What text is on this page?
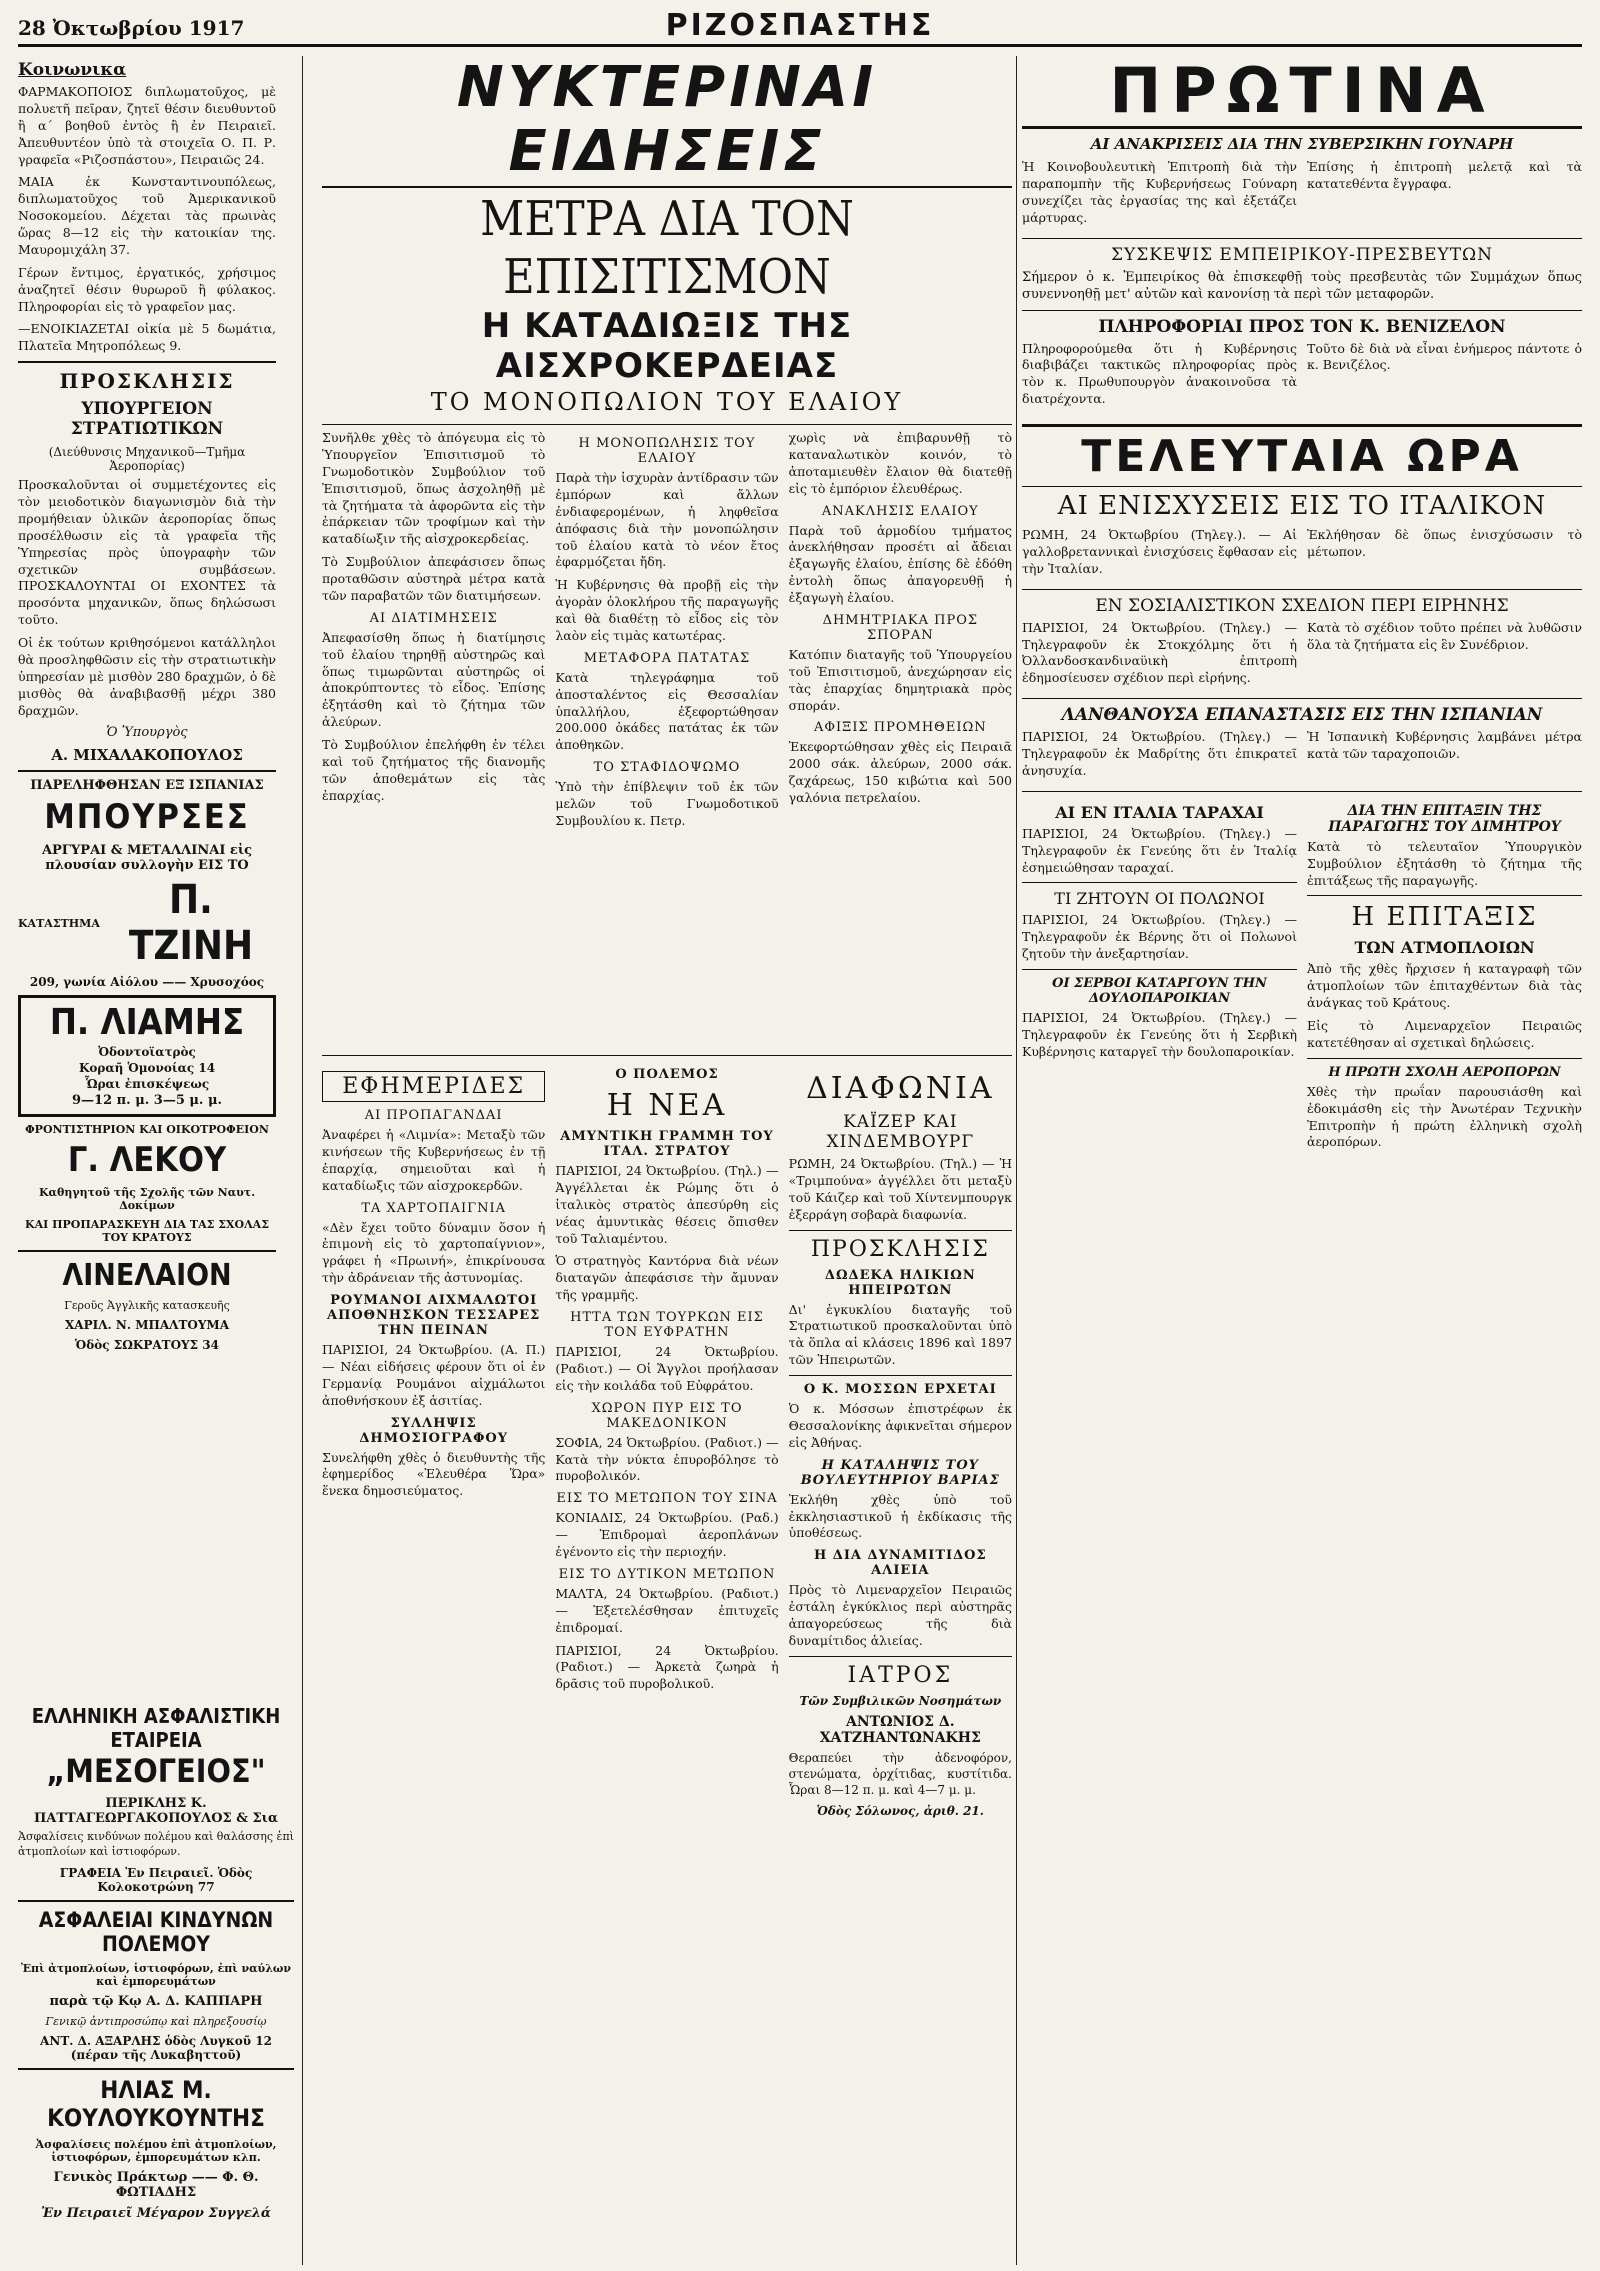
28 Ὀκτωβρίου 1917	ΡΙΖΟΣΠΑΣΤΗΣ
Κοινωνικα

ΦΑΡΜΑΚΟΠΟΙΟΣ διπλωματοῦχος, μὲ πολυετῆ πεῖραν, ζητεῖ θέσιν διευθυντοῦ ἢ α΄ βοηθοῦ ἐντὸς ἢ ἐν Πειραιεῖ. Ἀπευθυντέον ὑπὸ τὰ στοιχεῖα Ο. Π. Ρ. γραφεῖα «Ριζοσπάστου», Πειραιῶς 24.

ΜΑΙΑ ἐκ Κωνσταντινουπόλεως, διπλωματοῦχος τοῦ Ἀμερικανικοῦ Νοσοκομείου. Δέχεται τὰς πρωινὰς ὥρας 8—12 εἰς τὴν κατοικίαν της. Μαυρομιχάλη 37.

Γέρων ἔντιμος, ἐργατικός, χρήσιμος ἀναζητεῖ θέσιν θυρωροῦ ἢ φύλακος. Πληροφορίαι εἰς τὸ γραφεῖον μας.

—ΕΝΟΙΚΙΑΖΕΤΑΙ οἰκία μὲ 5 δωμάτια, Πλατεῖα Μητροπόλεως 9.

ΠΡΟΣΚΛΗΣΙΣ
ΥΠΟΥΡΓΕΙΟΝ ΣΤΡΑΤΙΩΤΙΚΩΝ
(Διεύθυνσις Μηχανικοῦ—Τμῆμα Ἀεροπορίας)

Προσκαλοῦνται οἱ συμμετέχοντες εἰς τὸν μειοδοτικὸν διαγωνισμὸν διὰ τὴν προμήθειαν ὑλικῶν ἀεροπορίας ὅπως προσέλθωσιν εἰς τὰ γραφεῖα τῆς Ὑπηρεσίας πρὸς ὑπογραφὴν τῶν σχετικῶν συμβάσεων. ΠΡΟΣΚΑΛΟΥΝΤΑΙ ΟΙ ΕΧΟΝΤΕΣ τὰ προσόντα μηχανικῶν, ὅπως δηλώσωσι τοῦτο.

Οἱ ἐκ τούτων κριθησόμενοι κατάλληλοι θὰ προσληφθῶσιν εἰς τὴν στρατιωτικὴν ὑπηρεσίαν μὲ μισθὸν 280 δραχμῶν, ὁ δὲ μισθὸς θὰ ἀναβιβασθῇ μέχρι 380 δραχμῶν.

Ὁ Ὑπουργὸς
Α. ΜΙΧΑΛΑΚΟΠΟΥΛΟΣ
ΠΑΡΕΛΗΦΘΗΣΑΝ ΕΞ ΙΣΠΑΝΙΑΣ
ΜΠΟΥΡΣΕΣ
ΑΡΓΥΡΑΙ & ΜΕΤΑΛΛΙΝΑΙ εἰς πλουσίαν συλλογὴν ΕΙΣ ΤΟ
ΚΑΤΑΣΤΗΜΑ	Π. ΤΖΙΝΗ
209, γωνία Αἰόλου —— Χρυσοχόος
Π. ΛΙΑΜΗΣ
Ὀδοντοϊατρὸς
Κοραῆ Ὁμονοίας 14
Ὧραι ἐπισκέψεως
9—12 π. μ. 3—5 μ. μ.
ΦΡΟΝΤΙΣΤΗΡΙΟΝ ΚΑΙ ΟΙΚΟΤΡΟΦΕΙΟΝ
Γ. ΛΕΚΟΥ
Καθηγητοῦ τῆς Σχολῆς τῶν Ναυτ. Δοκίμων
ΚΑΙ ΠΡΟΠΑΡΑΣΚΕΥΗ ΔΙΑ ΤΑΣ ΣΧΟΛΑΣ ΤΟΥ ΚΡΑΤΟΥΣ
ΛΙΝΕΛΑΙΟΝ
Γεροῦς Ἀγγλικῆς κατασκευῆς
ΧΑΡΙΛ. Ν. ΜΠΑΛΤΟΥΜΑ
Ὁδὸς ΣΩΚΡΑΤΟΥΣ 34
ΕΛΛΗΝΙΚΗ ΑΣΦΑΛΙΣΤΙΚΗ ΕΤΑΙΡΕΙΑ
„ΜΕΣΟΓΕΙΟΣ"
ΠΕΡΙΚΛΗΣ Κ. ΠΑΤΤΑΓΕΩΡΓΑΚΟΠΟΥΛΟΣ & Σια

Ἀσφαλίσεις κινδύνων πολέμου καὶ θαλάσσης ἐπὶ ἀτμοπλοίων καὶ ἱστιοφόρων.

ΓΡΑΦΕΙΑ Ἐν Πειραιεῖ. Ὁδὸς Κολοκοτρώνη 77
ΑΣΦΑΛΕΙΑΙ ΚΙΝΔΥΝΩΝ ΠΟΛΕΜΟΥ
Ἐπὶ ἀτμοπλοίων, ἱστιοφόρων, ἐπὶ ναύλων καὶ ἐμπορευμάτων
παρὰ τῷ Κῳ Α. Δ. ΚΑΠΠΑΡΗ
Γενικῷ ἀντιπροσώπῳ καὶ πληρεξουσίῳ
ΑΝΤ. Δ. ΑΞΑΡΛΗΣ ὁδὸς Λυγκοῦ 12 (πέραν τῆς Λυκαβηττοῦ)
ΗΛΙΑΣ Μ. ΚΟΥΛΟΥΚΟΥΝΤΗΣ
Ἀσφαλίσεις πολέμου ἐπὶ ἀτμοπλοίων, ἱστιοφόρων, ἐμπορευμάτων κλπ.
Γενικὸς Πράκτωρ —— Φ. Θ. ΦΩΤΙΑΔΗΣ
Ἐν Πειραιεῖ Μέγαρον Συγγελά
ΝΥΚΤΕΡΙΝΑΙ ΕΙΔΗΣΕΙΣ
ΜΕΤΡΑ ΔΙΑ ΤΟΝ ΕΠΙΣΙΤΙΣΜΟΝ
Η ΚΑΤΑΔΙΩΞΙΣ ΤΗΣ ΑΙΣΧΡΟΚΕΡΔΕΙΑΣ
ΤΟ ΜΟΝΟΠΩΛΙΟΝ ΤΟΥ ΕΛΑΙΟΥ

Συνῆλθε χθὲς τὸ ἀπόγευμα εἰς τὸ Ὑπουργεῖον Ἐπισιτισμοῦ τὸ Γνωμοδοτικὸν Συμβούλιον τοῦ Ἐπισιτισμοῦ, ὅπως ἀσχοληθῇ μὲ τὰ ζητήματα τὰ ἀφορῶντα εἰς τὴν ἐπάρκειαν τῶν τροφίμων καὶ τὴν καταδίωξιν τῆς αἰσχροκερδείας.

Τὸ Συμβούλιον ἀπεφάσισεν ὅπως προταθῶσιν αὐστηρὰ μέτρα κατὰ τῶν παραβατῶν τῶν διατιμήσεων.

ΑΙ ΔΙΑΤΙΜΗΣΕΙΣ

Ἀπεφασίσθη ὅπως ἡ διατίμησις τοῦ ἐλαίου τηρηθῇ αὐστηρῶς καὶ ὅπως τιμωρῶνται αὐστηρῶς οἱ ἀποκρύπτοντες τὸ εἶδος. Ἐπίσης ἐξητάσθη καὶ τὸ ζήτημα τῶν ἀλεύρων.

Τὸ Συμβούλιον ἐπελήφθη ἐν τέλει καὶ τοῦ ζητήματος τῆς διανομῆς τῶν ἀποθεμάτων εἰς τὰς ἐπαρχίας.

Η ΜΟΝΟΠΩΛΗΣΙΣ ΤΟΥ ΕΛΑΙΟΥ

Παρὰ τὴν ἰσχυρὰν ἀντίδρασιν τῶν ἐμπόρων καὶ ἄλλων ἐνδιαφερομένων, ἡ ληφθεῖσα ἀπόφασις διὰ τὴν μονοπώλησιν τοῦ ἐλαίου κατὰ τὸ νέον ἔτος ἐφαρμόζεται ἤδη.

Ἡ Κυβέρνησις θὰ προβῇ εἰς τὴν ἀγορὰν ὁλοκλήρου τῆς παραγωγῆς καὶ θὰ διαθέτῃ τὸ εἶδος εἰς τὸν λαὸν εἰς τιμὰς κατωτέρας.

ΜΕΤΑΦΟΡΑ ΠΑΤΑΤΑΣ

Κατὰ τηλεγράφημα τοῦ ἀποσταλέντος εἰς Θεσσαλίαν ὑπαλλήλου, ἐξεφορτώθησαν 200.000 ὀκάδες πατάτας ἐκ τῶν ἀποθηκῶν.

ΤΟ ΣΤΑΦΙΔΟΨΩΜΟ

Ὑπὸ τὴν ἐπίβλεψιν τοῦ ἐκ τῶν μελῶν τοῦ Γνωμοδοτικοῦ Συμβουλίου κ. Πετρ.

χωρὶς νὰ ἐπιβαρυνθῇ τὸ καταναλωτικὸν κοινόν, τὸ ἀποταμιευθὲν ἔλαιον θὰ διατεθῇ εἰς τὸ ἐμπόριον ἐλευθέρως.

ΑΝΑΚΛΗΣΙΣ ΕΛΑΙΟΥ

Παρὰ τοῦ ἁρμοδίου τμήματος ἀνεκλήθησαν προσέτι αἱ ἄδειαι ἐξαγωγῆς ἐλαίου, ἐπίσης δὲ ἐδόθη ἐντολὴ ὅπως ἀπαγορευθῇ ἡ ἐξαγωγὴ ἐλαίου.

ΔΗΜΗΤΡΙΑΚΑ ΠΡΟΣ ΣΠΟΡΑΝ

Κατόπιν διαταγῆς τοῦ Ὑπουργείου τοῦ Ἐπισιτισμοῦ, ἀνεχώρησαν εἰς τὰς ἐπαρχίας δημητριακὰ πρὸς σποράν.

ΑΦΙΞΙΣ ΠΡΟΜΗΘΕΙΩΝ

Ἐκεφορτώθησαν χθὲς εἰς Πειραιᾶ 2000 σάκ. ἀλεύρων, 2000 σάκ. ζαχάρεως, 150 κιβώτια καὶ 500 γαλόνια πετρελαίου.

ΕΦΗΜΕΡΙΔΕΣ
ΑΙ ΠΡΟΠΑΓΑΝΔΑΙ

Ἀναφέρει ἡ «Λιμνία»: Μεταξὺ τῶν κινήσεων τῆς Κυβερνήσεως ἐν τῇ ἐπαρχίᾳ, σημειοῦται καὶ ἡ καταδίωξις τῶν αἰσχροκερδῶν.

ΤΑ ΧΑΡΤΟΠΑΙΓΝΙΑ

«Δὲν ἔχει τοῦτο δύναμιν ὅσον ἡ ἐπιμονὴ εἰς τὸ χαρτοπαίγνιον», γράφει ἡ «Πρωινή», ἐπικρίνουσα τὴν ἀδράνειαν τῆς ἀστυνομίας.

ΡΟΥΜΑΝΟΙ ΑΙΧΜΑΛΩΤΟΙ ΑΠΟΘΝΗΣΚΟΝ ΤΕΣΣΑΡΕΣ ΤΗΝ ΠΕΙΝΑΝ

ΠΑΡΙΣΙΟΙ, 24 Ὀκτωβρίου. (Α. Π.) — Νέαι εἰδήσεις φέρουν ὅτι οἱ ἐν Γερμανίᾳ Ρουμάνοι αἰχμάλωτοι ἀποθνήσκουν ἐξ ἀσιτίας.

ΣΥΛΛΗΨΙΣ ΔΗΜΟΣΙΟΓΡΑΦΟΥ

Συνελήφθη χθὲς ὁ διευθυντὴς τῆς ἐφημερίδος «Ἐλευθέρα Ὥρα» ἕνεκα δημοσιεύματος.

Ο ΠΟΛΕΜΟΣ
Η ΝΕΑ
ΑΜΥΝΤΙΚΗ ΓΡΑΜΜΗ ΤΟΥ ΙΤΑΛ. ΣΤΡΑΤΟΥ

ΠΑΡΙΣΙΟΙ, 24 Ὀκτωβρίου. (Τηλ.) — Ἀγγέλλεται ἐκ Ρώμης ὅτι ὁ ἰταλικὸς στρατὸς ἀπεσύρθη εἰς νέας ἀμυντικὰς θέσεις ὄπισθεν τοῦ Ταλιαμέντου.

Ὁ στρατηγὸς Καντόρνα διὰ νέων διαταγῶν ἀπεφάσισε τὴν ἄμυναν τῆς γραμμῆς.

ΗΤΤΑ ΤΩΝ ΤΟΥΡΚΩΝ ΕΙΣ ΤΟΝ ΕΥΦΡΑΤΗΝ

ΠΑΡΙΣΙΟΙ, 24 Ὀκτωβρίου. (Ραδιοτ.) — Οἱ Ἄγγλοι προήλασαν εἰς τὴν κοιλάδα τοῦ Εὐφράτου.

ΧΩΡΟΝ ΠΥΡ ΕΙΣ ΤΟ ΜΑΚΕΔΟΝΙΚΟΝ

ΣΟΦΙΑ, 24 Ὀκτωβρίου. (Ραδιοτ.) — Κατὰ τὴν νύκτα ἐπυροβόλησε τὸ πυροβολικόν.

ΕΙΣ ΤΟ ΜΕΤΩΠΟΝ ΤΟΥ ΣΙΝΑ

ΚΟΝΙΑΔΙΣ, 24 Ὀκτωβρίου. (Ραδ.) — Ἐπιδρομαὶ ἀεροπλάνων ἐγένοντο εἰς τὴν περιοχήν.

ΕΙΣ ΤΟ ΔΥΤΙΚΟΝ ΜΕΤΩΠΟΝ

ΜΑΛΤΑ, 24 Ὀκτωβρίου. (Ραδιοτ.) — Ἐξετελέσθησαν ἐπιτυχεῖς ἐπιδρομαί.

ΠΑΡΙΣΙΟΙ, 24 Ὀκτωβρίου. (Ραδιοτ.) — Ἀρκετὰ ζωηρὰ ἡ δρᾶσις τοῦ πυροβολικοῦ.

ΔΙΑΦΩΝΙΑ
ΚΑΪΖΕΡ ΚΑΙ ΧΙΝΔΕΜΒΟΥΡΓ

ΡΩΜΗ, 24 Ὀκτωβρίου. (Τηλ.) — Ἡ «Τριμπούνα» ἀγγέλλει ὅτι μεταξὺ τοῦ Κάιζερ καὶ τοῦ Χίντενμπουργκ ἐξερράγη σοβαρὰ διαφωνία.

ΠΡΟΣΚΛΗΣΙΣ
ΔΩΔΕΚΑ ΗΛΙΚΙΩΝ ΗΠΕΙΡΩΤΩΝ

Δι' ἐγκυκλίου διαταγῆς τοῦ Στρατιωτικοῦ προσκαλοῦνται ὑπὸ τὰ ὅπλα αἱ κλάσεις 1896 καὶ 1897 τῶν Ἠπειρωτῶν.

Ο Κ. ΜΟΣΣΩΝ ΕΡΧΕΤΑΙ

Ὁ κ. Μόσσων ἐπιστρέφων ἐκ Θεσσαλονίκης ἀφικνεῖται σήμερον εἰς Ἀθήνας.

Η ΚΑΤΑΛΗΨΙΣ ΤΟΥ ΒΟΥΛΕΥΤΗΡΙΟΥ ΒΑΡΙΑΣ

Ἐκλήθη χθὲς ὑπὸ τοῦ ἐκκλησιαστικοῦ ἡ ἐκδίκασις τῆς ὑποθέσεως.

Η ΔΙΑ ΔΥΝΑΜΙΤΙΔΟΣ ΑΛΙΕΙΑ

Πρὸς τὸ Λιμεναρχεῖον Πειραιῶς ἐστάλη ἐγκύκλιος περὶ αὐστηρᾶς ἀπαγορεύσεως τῆς διὰ δυναμίτιδος ἁλιείας.

ΙΑΤΡΟΣ
Τῶν Συμβιλικῶν Νοσημάτων
ΑΝΤΩΝΙΟΣ Δ. ΧΑΤΖΗΑΝΤΩΝΑΚΗΣ

Θεραπεύει τὴν ἀδενοφόρον, στενώματα, ὀρχίτιδας, κυστίτιδα. Ὧραι 8—12 π. μ. καὶ 4—7 μ. μ.

Ὁδὸς Σόλωνος, ἀριθ. 21.
ΠΡΩΤΙΝΑ
ΑΙ ΑΝΑΚΡΙΣΕΙΣ ΔΙΑ ΤΗΝ ΣΥΒΕΡΣΙΚΗΝ ΓΟΥΝΑΡΗ

Ἡ Κοινοβουλευτικὴ Ἐπιτροπὴ διὰ τὴν παραπομπὴν τῆς Κυβερνήσεως Γούναρη συνεχίζει τὰς ἐργασίας της καὶ ἐξετάζει μάρτυρας.

Ἐπίσης ἡ ἐπιτροπὴ μελετᾷ καὶ τὰ κατατεθέντα ἔγγραφα.

ΣΥΣΚΕΨΙΣ ΕΜΠΕΙΡΙΚΟΥ-ΠΡΕΣΒΕΥΤΩΝ

Σήμερον ὁ κ. Ἐμπειρίκος θὰ ἐπισκεφθῇ τοὺς πρεσβευτὰς τῶν Συμμάχων ὅπως συνεννοηθῇ μετ' αὐτῶν καὶ κανονίσῃ τὰ περὶ τῶν μεταφορῶν.

ΠΛΗΡΟΦΟΡΙΑΙ ΠΡΟΣ ΤΟΝ Κ. ΒΕΝΙΖΕΛΟΝ

Πληροφορούμεθα ὅτι ἡ Κυβέρνησις διαβιβάζει τακτικῶς πληροφορίας πρὸς τὸν κ. Πρωθυπουργὸν ἀνακοινοῦσα τὰ διατρέχοντα.

Τοῦτο δὲ διὰ νὰ εἶναι ἐνήμερος πάντοτε ὁ κ. Βενιζέλος.

ΤΕΛΕΥΤΑΙΑ ΩΡΑ
ΑΙ ΕΝΙΣΧΥΣΕΙΣ ΕΙΣ ΤΟ ΙΤΑΛΙΚΟΝ

ΡΩΜΗ, 24 Ὀκτωβρίου (Τηλεγ.). — Αἱ γαλλοβρεταννικαὶ ἐνισχύσεις ἔφθασαν εἰς τὴν Ἰταλίαν.

Ἐκλήθησαν δὲ ὅπως ἐνισχύσωσιν τὸ μέτωπον.

ΕΝ ΣΟΣΙΑΛΙΣΤΙΚΟΝ ΣΧΕΔΙΟΝ ΠΕΡΙ ΕΙΡΗΝΗΣ

ΠΑΡΙΣΙΟΙ, 24 Ὀκτωβρίου. (Τηλεγ.) — Τηλεγραφοῦν ἐκ Στοκχόλμης ὅτι ἡ Ὀλλανδοσκανδιναϋικὴ ἐπιτροπὴ ἐδημοσίευσεν σχέδιον περὶ εἰρήνης.

Κατὰ τὸ σχέδιον τοῦτο πρέπει νὰ λυθῶσιν ὅλα τὰ ζητήματα εἰς ἓν Συνέδριον.

ΛΑΝΘΑΝΟΥΣΑ ΕΠΑΝΑΣΤΑΣΙΣ ΕΙΣ ΤΗΝ ΙΣΠΑΝΙΑΝ

ΠΑΡΙΣΙΟΙ, 24 Ὀκτωβρίου. (Τηλεγ.) — Τηλεγραφοῦν ἐκ Μαδρίτης ὅτι ἐπικρατεῖ ἀνησυχία.

Ἡ Ἰσπανικὴ Κυβέρνησις λαμβάνει μέτρα κατὰ τῶν ταραχοποιῶν.

ΑΙ ΕΝ ΙΤΑΛΙΑ ΤΑΡΑΧΑΙ

ΠΑΡΙΣΙΟΙ, 24 Ὀκτωβρίου. (Τηλεγ.) — Τηλεγραφοῦν ἐκ Γενεύης ὅτι ἐν Ἰταλίᾳ ἐσημειώθησαν ταραχαί.

ΤΙ ΖΗΤΟΥΝ ΟΙ ΠΟΛΩΝΟΙ

ΠΑΡΙΣΙΟΙ, 24 Ὀκτωβρίου. (Τηλεγ.) — Τηλεγραφοῦν ἐκ Βέρνης ὅτι οἱ Πολωνοὶ ζητοῦν τὴν ἀνεξαρτησίαν.

ΟΙ ΣΕΡΒΟΙ ΚΑΤΑΡΓΟΥΝ ΤΗΝ ΔΟΥΛΟΠΑΡΟΙΚΙΑΝ

ΠΑΡΙΣΙΟΙ, 24 Ὀκτωβρίου. (Τηλεγ.) — Τηλεγραφοῦν ἐκ Γενεύης ὅτι ἡ Σερβικὴ Κυβέρνησις καταργεῖ τὴν δουλοπαροικίαν.

ΔΙΑ ΤΗΝ ΕΠΙΤΑΞΙΝ ΤΗΣ ΠΑΡΑΓΩΓΗΣ ΤΟΥ ΔΙΜΗΤΡΟΥ

Κατὰ τὸ τελευταῖον Ὑπουργικὸν Συμβούλιον ἐξητάσθη τὸ ζήτημα τῆς ἐπιτάξεως τῆς παραγωγῆς.

Η ΕΠΙΤΑΞΙΣ
ΤΩΝ ΑΤΜΟΠΛΟΙΩΝ

Ἀπὸ τῆς χθὲς ἤρχισεν ἡ καταγραφὴ τῶν ἀτμοπλοίων τῶν ἐπιταχθέντων διὰ τὰς ἀνάγκας τοῦ Κράτους.

Εἰς τὸ Λιμεναρχεῖον Πειραιῶς κατετέθησαν αἱ σχετικαὶ δηλώσεις.

Η ΠΡΩΤΗ ΣΧΟΛΗ ΑΕΡΟΠΟΡΩΝ

Χθὲς τὴν πρωΐαν παρουσιάσθη καὶ ἐδοκιμάσθη εἰς τὴν Ἀνωτέραν Τεχνικὴν Ἐπιτροπὴν ἡ πρώτη ἐλληνικὴ σχολὴ ἀεροπόρων.
